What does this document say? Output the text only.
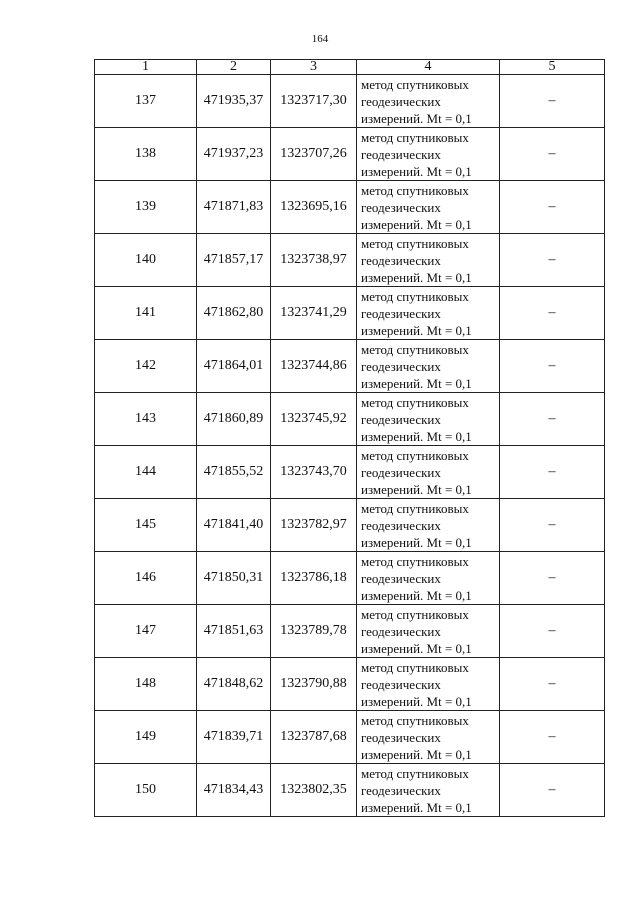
164
1	2	3	4	5
137	471935,37	1323717,30	метод спутниковых
геодезических
измерений. Mt = 0,1	–
138	471937,23	1323707,26	метод спутниковых
геодезических
измерений. Mt = 0,1	–
139	471871,83	1323695,16	метод спутниковых
геодезических
измерений. Mt = 0,1	–
140	471857,17	1323738,97	метод спутниковых
геодезических
измерений. Mt = 0,1	–
141	471862,80	1323741,29	метод спутниковых
геодезических
измерений. Mt = 0,1	–
142	471864,01	1323744,86	метод спутниковых
геодезических
измерений. Mt = 0,1	–
143	471860,89	1323745,92	метод спутниковых
геодезических
измерений. Mt = 0,1	–
144	471855,52	1323743,70	метод спутниковых
геодезических
измерений. Mt = 0,1	–
145	471841,40	1323782,97	метод спутниковых
геодезических
измерений. Mt = 0,1	–
146	471850,31	1323786,18	метод спутниковых
геодезических
измерений. Mt = 0,1	–
147	471851,63	1323789,78	метод спутниковых
геодезических
измерений. Mt = 0,1	–
148	471848,62	1323790,88	метод спутниковых
геодезических
измерений. Mt = 0,1	–
149	471839,71	1323787,68	метод спутниковых
геодезических
измерений. Mt = 0,1	–
150	471834,43	1323802,35	метод спутниковых
геодезических
измерений. Mt = 0,1	–
